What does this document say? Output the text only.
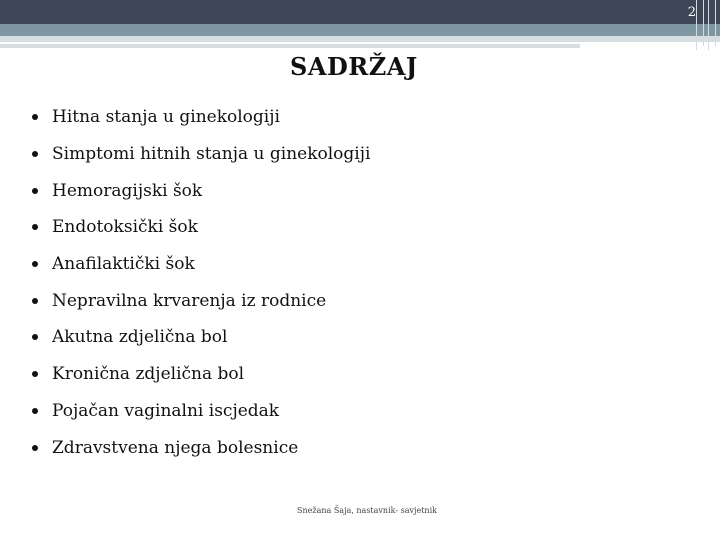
2
SADRŽAJ
Hitna stanja u ginekologiji
Simptomi hitnih stanja u ginekologiji
Hemoragijski šok
Endotoksički šok
Anafilaktički šok
Nepravilna krvarenja iz rodnice
Akutna zdjelična bol
Kronična zdjelična bol
Pojačan vaginalni iscjedak
Zdravstvena njega bolesnice
Snežana Šaja, nastavnik- savjetnik
